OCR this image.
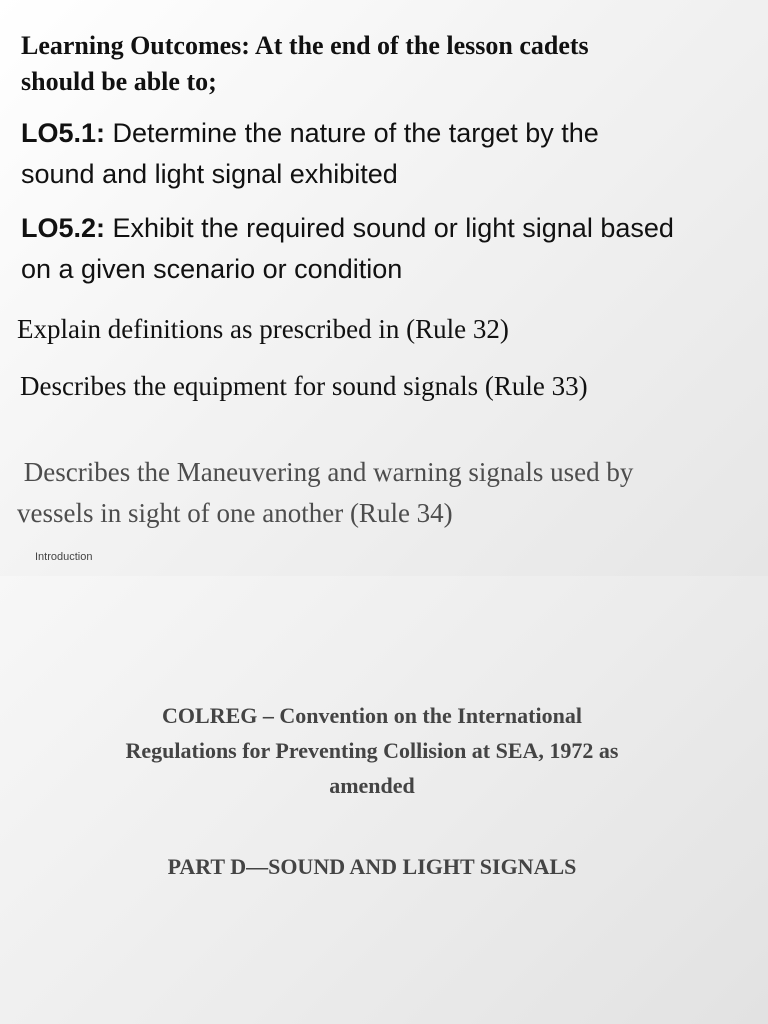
Learning Outcomes: At the end of the lesson cadets
should be able to;
LO5.1: Determine the nature of the target by the
sound and light signal exhibited
LO5.2: Exhibit the required sound or light signal based
on a given scenario or condition
Explain definitions as prescribed in (Rule 32)
Describes the equipment for sound signals (Rule 33)
Describes the Maneuvering and warning signals used by
vessels in sight of one another (Rule 34)
Introduction
COLREG – Convention on the International
Regulations for Preventing Collision at SEA, 1972 as
amended
PART D—SOUND AND LIGHT SIGNALS
